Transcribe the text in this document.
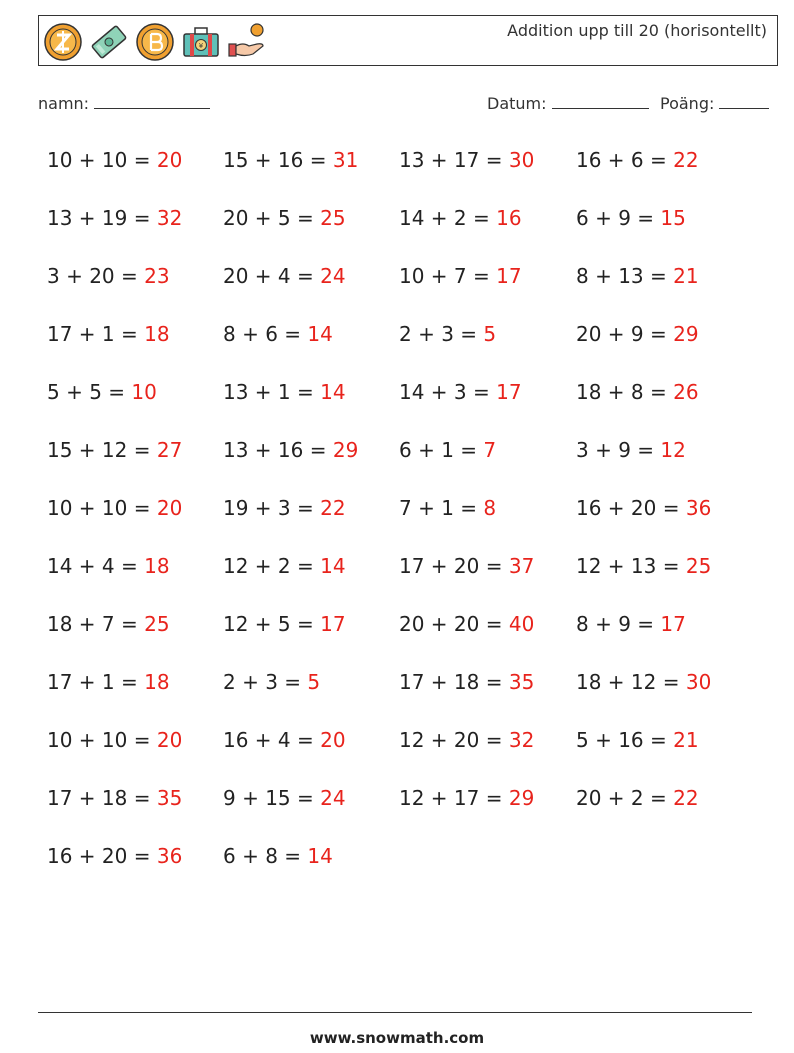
¥
Addition upp till 20 (horisontellt)
namn:	Datum:	Poäng:
10 + 10 = 20	15 + 16 = 31	13 + 17 = 30	16 + 6 = 22
13 + 19 = 32	20 + 5 = 25	14 + 2 = 16	6 + 9 = 15
3 + 20 = 23	20 + 4 = 24	10 + 7 = 17	8 + 13 = 21
17 + 1 = 18	8 + 6 = 14	2 + 3 = 5	20 + 9 = 29
5 + 5 = 10	13 + 1 = 14	14 + 3 = 17	18 + 8 = 26
15 + 12 = 27	13 + 16 = 29	6 + 1 = 7	3 + 9 = 12
10 + 10 = 20	19 + 3 = 22	7 + 1 = 8	16 + 20 = 36
14 + 4 = 18	12 + 2 = 14	17 + 20 = 37	12 + 13 = 25
18 + 7 = 25	12 + 5 = 17	20 + 20 = 40	8 + 9 = 17
17 + 1 = 18	2 + 3 = 5	17 + 18 = 35	18 + 12 = 30
10 + 10 = 20	16 + 4 = 20	12 + 20 = 32	5 + 16 = 21
17 + 18 = 35	9 + 15 = 24	12 + 17 = 29	20 + 2 = 22
16 + 20 = 36	6 + 8 = 14
www.snowmath.com
